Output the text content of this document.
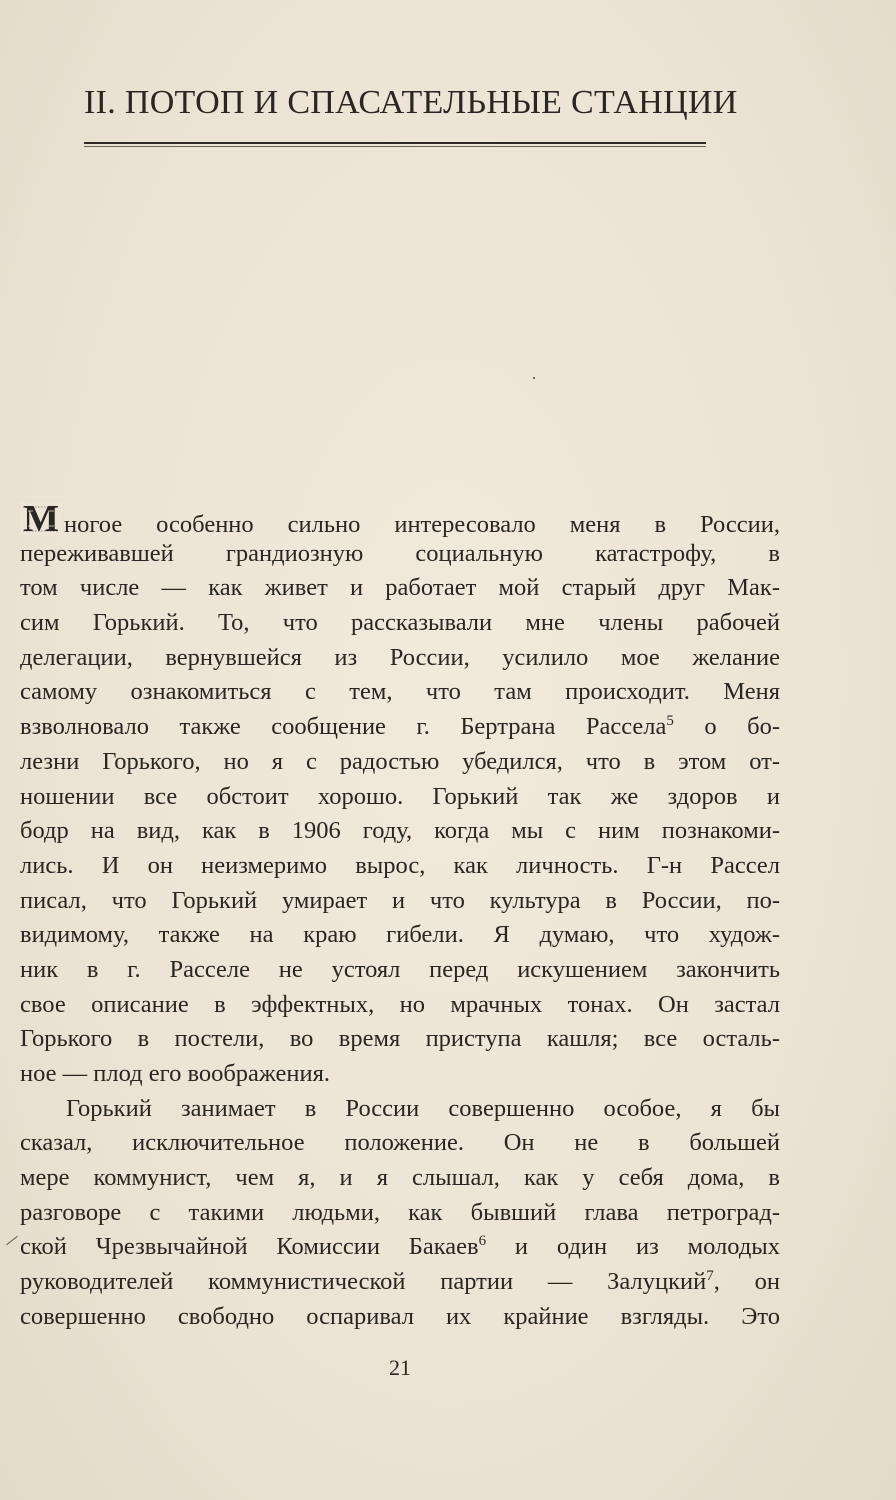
II. ПОТОП И СПАСАТЕЛЬНЫЕ СТАНЦИИ
М ногое особенно сильно интересовало меня в России,
переживавшей грандиозную социальную катастрофу, в
том числе — как живет и работает мой старый друг Мак-
сим Горький. То, что рассказывали мне члены рабочей
делегации, вернувшейся из России, усилило мое желание
самому ознакомиться с тем, что там происходит. Меня
взволновало также сообщение г. Бертрана Рассела$^5$ о бо-
лезни Горького, но я с радостью убедился, что в этом от-
ношении все обстоит хорошо. Горький так же здоров и
бодр на вид, как в 1906 году, когда мы с ним познакоми-
лись. И он неизмеримо вырос, как личность. Г-н Рассел
писал, что Горький умирает и что культура в России, по-
видимому, также на краю гибели. Я думаю, что худож-
ник в г. Расселе не устоял перед искушением закончить
свое описание в эффектных, но мрачных тонах. Он застал
Горького в постели, во время приступа кашля; все осталь-
ное — плод его воображения.
Горький занимает в России совершенно особое, я бы
сказал, исключительное положение. Он не в большей
мере коммунист, чем я, и я слышал, как у себя дома, в
разговоре с такими людьми, как бывший глава петроград-
ской Чрезвычайной Комиссии Бакаев$^6$ и один из молодых
руководителей коммунистической партии — Залуцкий$^7$, он
совершенно свободно оспаривал их крайние взгляды. Это
21
